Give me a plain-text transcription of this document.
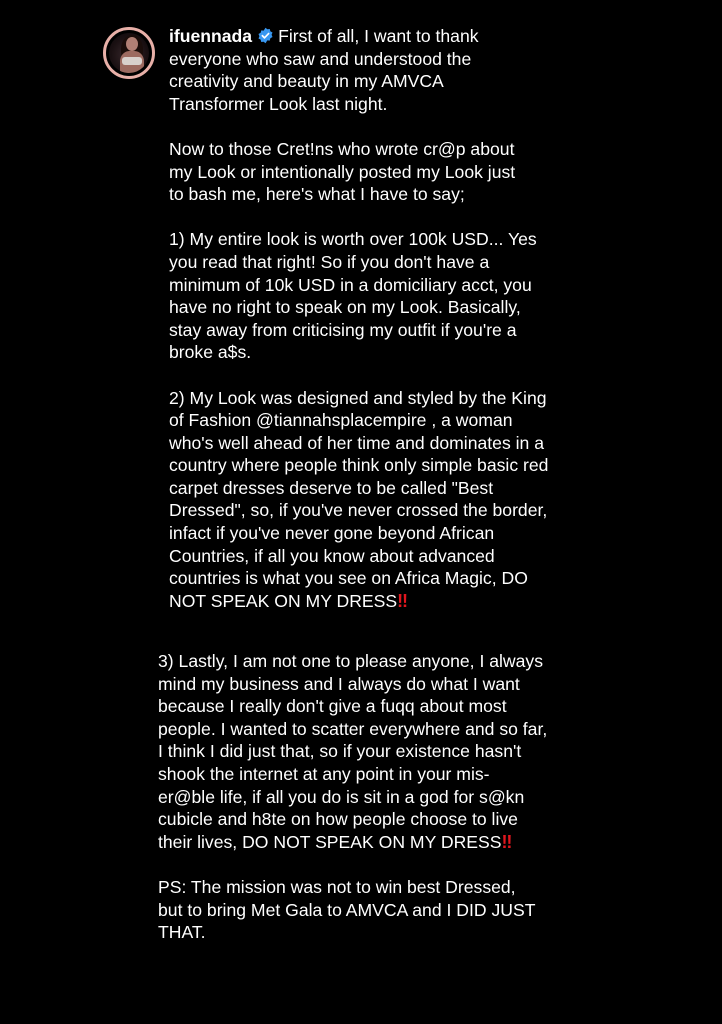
ifuennada First of all, I want to thank everyone who saw and understood the creativity and beauty in my AMVCA Transformer Look last night.

Now to those Cret!ns who wrote cr@p about my Look or intentionally posted my Look just to bash me, here's what I have to say;

1) My entire look is worth over 100k USD... Yes you read that right! So if you don't have a minimum of 10k USD in a domiciliary acct, you have no right to speak on my Look. Basically, stay away from criticising my outfit if you're a broke a$s.

2) My Look was designed and styled by the King of Fashion @tiannahsplacempire , a woman who's well ahead of her time and dominates in a country where people think only simple basic red carpet dresses deserve to be called "Best Dressed", so, if you've never crossed the border, infact if you've never gone beyond African Countries, if all you know about advanced countries is what you see on Africa Magic, DO NOT SPEAK ON MY DRESS‼

3) Lastly, I am not one to please anyone, I always mind my business and I always do what I want because I really don't give a fuqq about most people. I wanted to scatter everywhere and so far, I think I did just that, so if your existence hasn't shook the internet at any point in your mis- er@ble life, if all you do is sit in a god for s@kn cubicle and h8te on how people choose to live their lives, DO NOT SPEAK ON MY DRESS‼

PS: The mission was not to win best Dressed, but to bring Met Gala to AMVCA and I DID JUST THAT.
